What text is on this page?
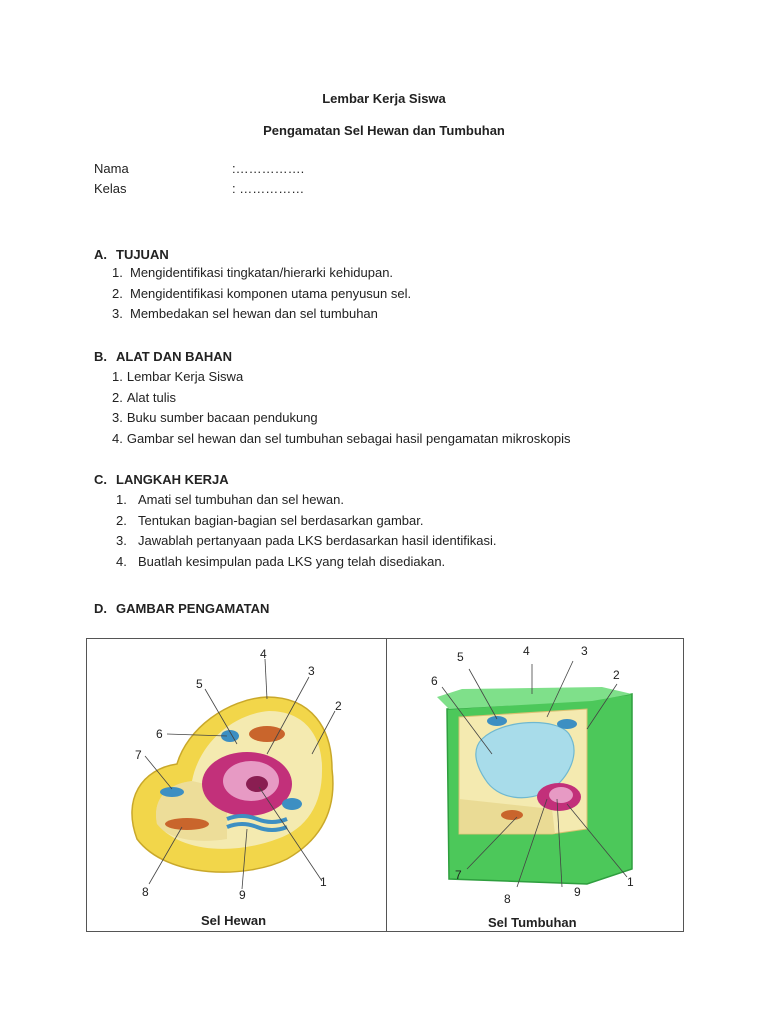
Lembar Kerja Siswa
Pengamatan Sel Hewan dan Tumbuhan
Nama	:…………….
Kelas	: ……………
A. TUJUAN
1. Mengidentifikasi tingkatan/hierarki kehidupan.
2. Mengidentifikasi komponen utama penyusun sel.
3. Membedakan sel hewan dan sel tumbuhan
B. ALAT DAN BAHAN
1. Lembar Kerja Siswa
2. Alat tulis
3. Buku sumber bacaan pendukung
4. Gambar sel hewan dan sel tumbuhan sebagai hasil pengamatan mikroskopis
C. LANGKAH KERJA
1. Amati sel tumbuhan dan sel hewan.
2. Tentukan bagian-bagian sel berdasarkan gambar.
3. Jawablah pertanyaan pada LKS berdasarkan hasil identifikasi.
4. Buatlah kesimpulan pada LKS yang telah disediakan.
D. GAMBAR PENGAMATAN
1
2
3
4
5
6
7
8	9
Sel Hewan
1
2
3
4
5
6
7
8	9
Sel Tumbuhan
